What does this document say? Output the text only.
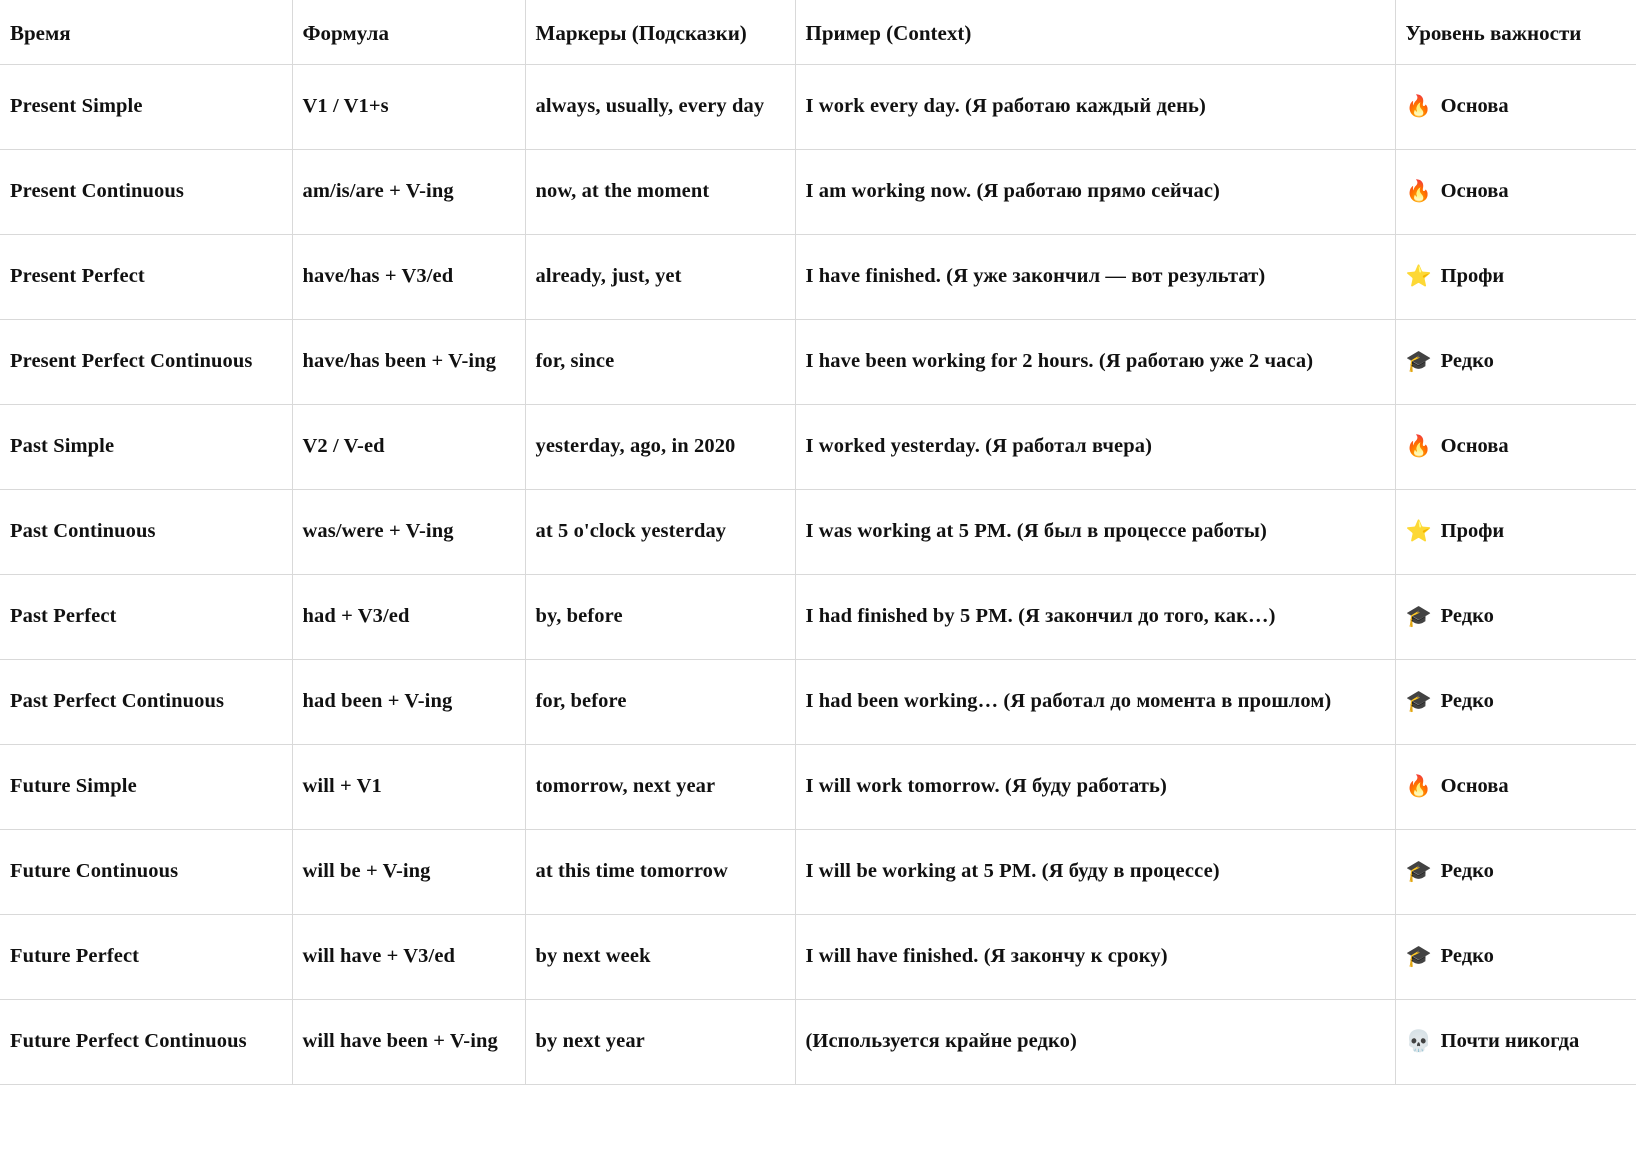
Время	Формула	Маркеры (Подсказки)	Пример (Context)	Уровень важности
Present Simple	V1 / V1+s	always, usually, every day	I work every day. (Я работаю каждый день)	🔥 Основа

Present Continuous	am/is/are + V-ing	now, at the moment	I am working now. (Я работаю прямо сейчас)	🔥 Основа

Present Perfect	have/has + V3/ed	already, just, yet	I have finished. (Я уже закончил — вот результат)	⭐ Профи

Present Perfect Continuous	have/has been + V-ing	for, since	I have been working for 2 hours. (Я работаю уже 2 часа)	🎓 Редко

Past Simple	V2 / V-ed	yesterday, ago, in 2020	I worked yesterday. (Я работал вчера)	🔥 Основа

Past Continuous	was/were + V-ing	at 5 o'clock yesterday	I was working at 5 PM. (Я был в процессе работы)	⭐ Профи

Past Perfect	had + V3/ed	by, before	I had finished by 5 PM. (Я закончил до того, как…)	🎓 Редко

Past Perfect Continuous	had been + V-ing	for, before	I had been working… (Я работал до момента в прошлом)	🎓 Редко

Future Simple	will + V1	tomorrow, next year	I will work tomorrow. (Я буду работать)	🔥 Основа

Future Continuous	will be + V-ing	at this time tomorrow	I will be working at 5 PM. (Я буду в процессе)	🎓 Редко

Future Perfect	will have + V3/ed	by next week	I will have finished. (Я закончу к сроку)	🎓 Редко

Future Perfect Continuous	will have been + V-ing	by next year	(Используется крайне редко)	💀 Почти никогда
